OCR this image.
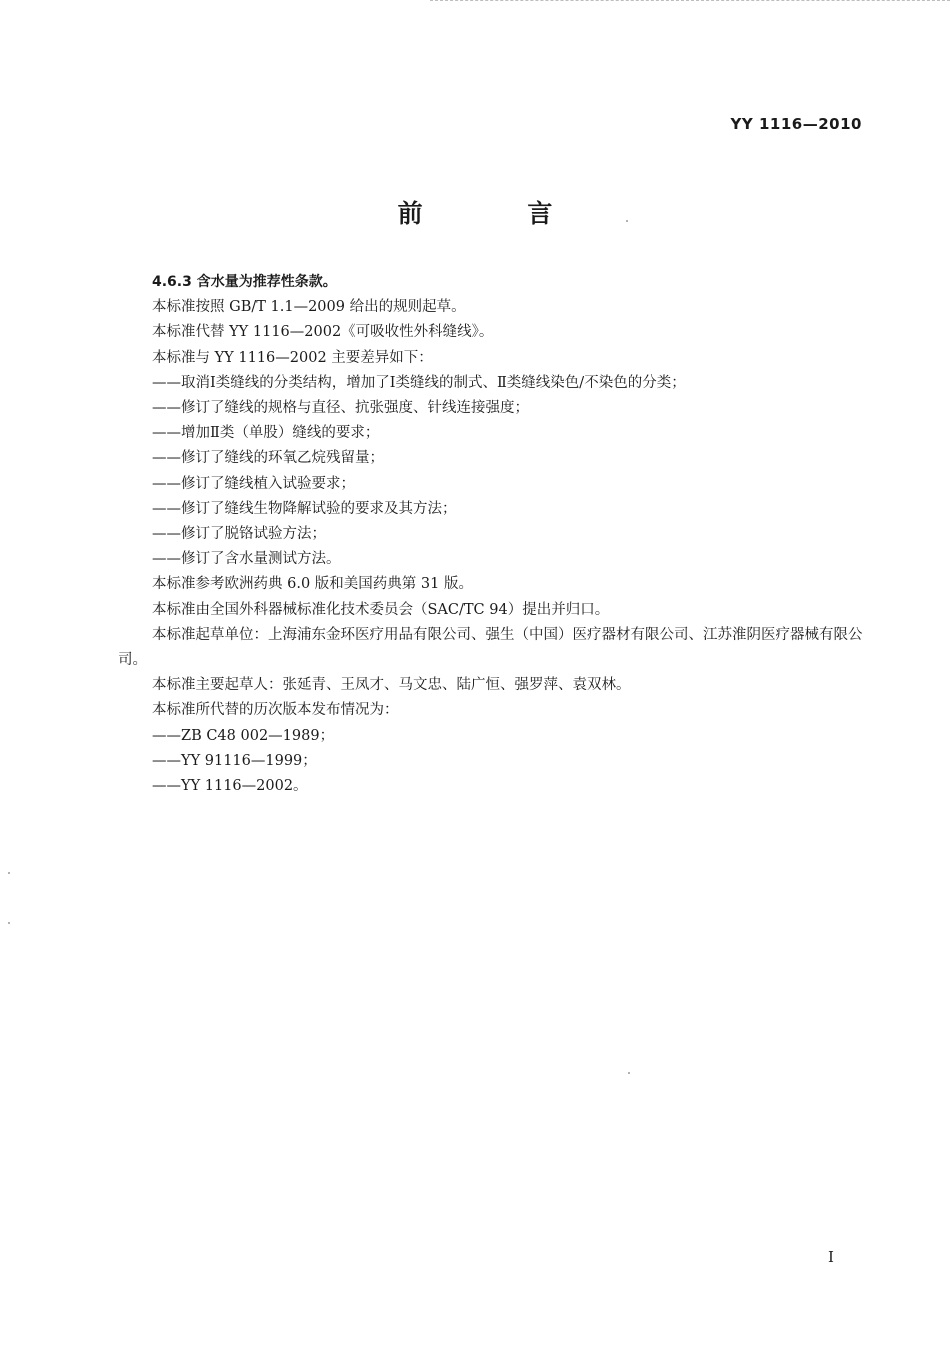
YY 1116—2010
前 言

4.6.3 含水量为推荐性条款。

本标准按照 GB/T 1.1—2009 给出的规则起草。

本标准代替 YY 1116—2002《可吸收性外科缝线》。

本标准与 YY 1116—2002 主要差异如下：

——取消Ⅰ类缝线的分类结构，增加了Ⅰ类缝线的制式、Ⅱ类缝线染色/不染色的分类；

——修订了缝线的规格与直径、抗张强度、针线连接强度；

——增加Ⅱ类（单股）缝线的要求；

——修订了缝线的环氧乙烷残留量；

——修订了缝线植入试验要求；

——修订了缝线生物降解试验的要求及其方法；

——修订了脱铬试验方法；

——修订了含水量测试方法。

本标准参考欧洲药典 6.0 版和美国药典第 31 版。

本标准由全国外科器械标准化技术委员会（SAC/TC 94）提出并归口。

本标准起草单位：上海浦东金环医疗用品有限公司、强生（中国）医疗器材有限公司、江苏淮阴医疗器械有限公司。

本标准主要起草人：张延青、王凤才、马文忠、陆广恒、强罗萍、袁双林。

本标准所代替的历次版本发布情况为：

——ZB C48 002—1989；

——YY 91116—1999；

——YY 1116—2002。

I
